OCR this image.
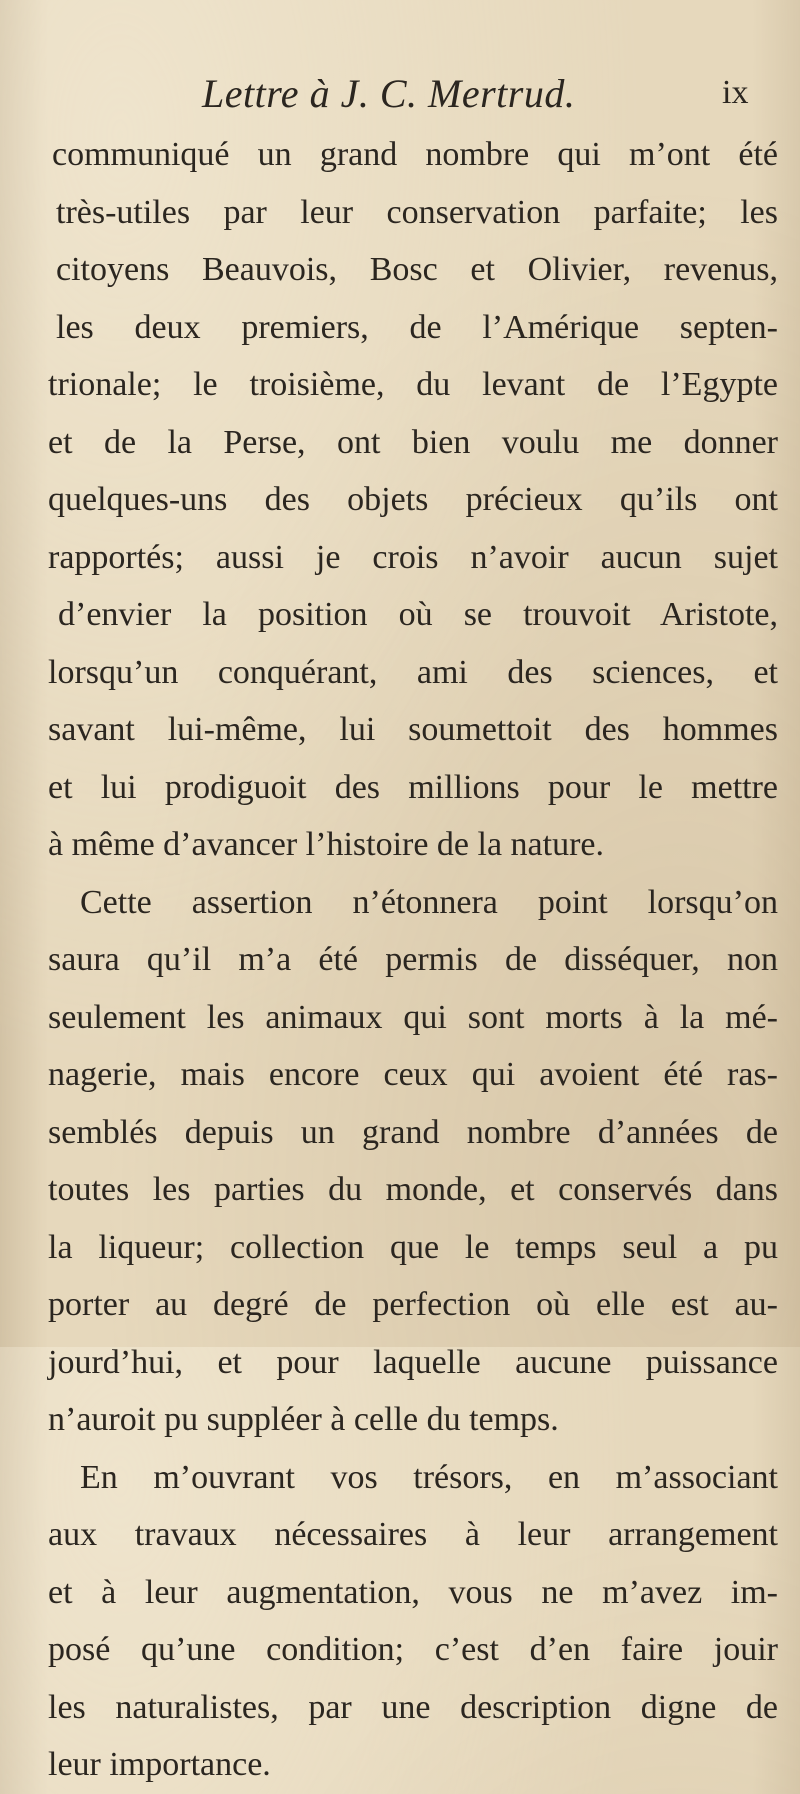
Lettre à J. C. Mertrud.	ix
communiqué un grand nombre qui m’ont été
très-utiles par leur conservation parfaite; les
citoyens Beauvois, Bosc et Olivier, revenus,
les deux premiers, de l’Amérique septen-
trionale; le troisième, du levant de l’Egypte
et de la Perse, ont bien voulu me donner
quelques-uns des objets précieux qu’ils ont
rapportés; aussi je crois n’avoir aucun sujet
d’envier la position où se trouvoit Aristote,
lorsqu’un conquérant, ami des sciences, et
savant lui-même, lui soumettoit des hommes
et lui prodiguoit des millions pour le mettre
à même d’avancer l’histoire de la nature.
Cette assertion n’étonnera point lorsqu’on
saura qu’il m’a été permis de disséquer, non
seulement les animaux qui sont morts à la mé-
nagerie, mais encore ceux qui avoient été ras-
semblés depuis un grand nombre d’années de
toutes les parties du monde, et conservés dans
la liqueur; collection que le temps seul a pu
porter au degré de perfection où elle est au-
jourd’hui, et pour laquelle aucune puissance
n’auroit pu suppléer à celle du temps.
En m’ouvrant vos trésors, en m’associant
aux travaux nécessaires à leur arrangement
et à leur augmentation, vous ne m’avez im-
posé qu’une condition; c’est d’en faire jouir
les naturalistes, par une description digne de
leur importance.
